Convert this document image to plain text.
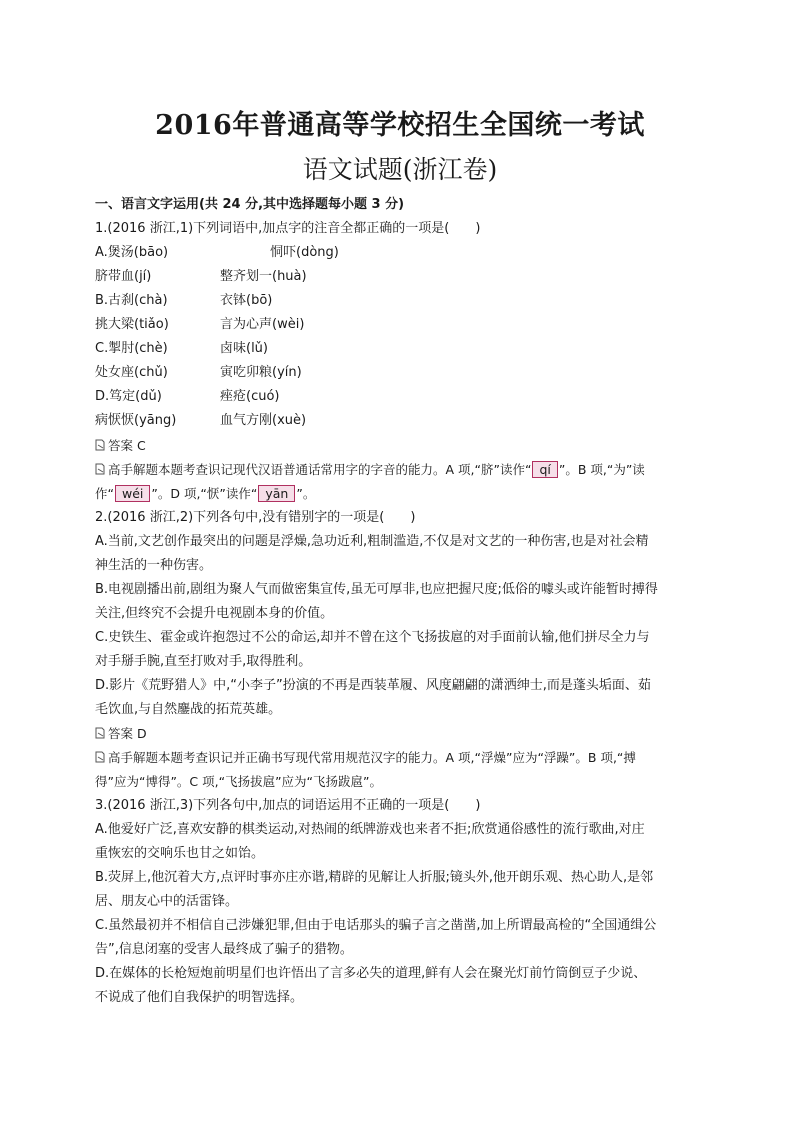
2016年普通高等学校招生全国统一考试
语文试题(浙江卷)
一、语言文字运用(共 24 分,其中选择题每小题 3 分)
1.(2016 浙江,1)下列词语中,加点字的注音全都正确的一项是(　　)
A.煲汤(bāo)	恫吓(dòng)
脐带血(jí)	整齐划一(huà)
B.古刹(chà)	衣钵(bō)
挑大梁(tiǎo)	言为心声(wèi)
C.掣肘(chè)	卤味(lǔ)
处女座(chǔ)	寅吃卯粮(yín)
D.笃定(dǔ)	痤疮(cuó)
病恹恹(yāng)	血气方刚(xuè)
答案 C
高手解题本题考查识记现代汉语普通话常用字的字音的能力。A 项,“脐”读作“ qí ”。B 项,“为”读
作“ wéi ”。D 项,“恹”读作“ yān ”。
2.(2016 浙江,2)下列各句中,没有错别字的一项是(　　)
A.当前,文艺创作最突出的问题是浮燥,急功近利,粗制滥造,不仅是对文艺的一种伤害,也是对社会精
神生活的一种伤害。
B.电视剧播出前,剧组为聚人气而做密集宣传,虽无可厚非,也应把握尺度;低俗的噱头或许能暂时搏得
关注,但终究不会提升电视剧本身的价值。
C.史铁生、霍金或许抱怨过不公的命运,却并不曾在这个飞扬拔扈的对手面前认输,他们拼尽全力与
对手掰手腕,直至打败对手,取得胜利。
D.影片《荒野猎人》中,“小李子”扮演的不再是西装革履、风度翩翩的潇洒绅士,而是蓬头垢面、茹
毛饮血,与自然鏖战的拓荒英雄。
答案 D
高手解题本题考查识记并正确书写现代常用规范汉字的能力。A 项,“浮燥”应为“浮躁”。B 项,“搏
得”应为“博得”。C 项,“飞扬拔扈”应为“飞扬跋扈”。
3.(2016 浙江,3)下列各句中,加点的词语运用不正确的一项是(　　)
A.他爱好广泛,喜欢安静的棋类运动,对热闹的纸牌游戏也来者不拒;欣赏通俗感性的流行歌曲,对庄
重恢宏的交响乐也甘之如饴。
B.荧屏上,他沉着大方,点评时事亦庄亦谐,精辟的见解让人折服;镜头外,他开朗乐观、热心助人,是邻
居、朋友心中的活雷锋。
C.虽然最初并不相信自己涉嫌犯罪,但由于电话那头的骗子言之凿凿,加上所谓最高检的“全国通缉公
告”,信息闭塞的受害人最终成了骗子的猎物。
D.在媒体的长枪短炮前明星们也许悟出了言多必失的道理,鲜有人会在聚光灯前竹筒倒豆子少说、
不说成了他们自我保护的明智选择。
